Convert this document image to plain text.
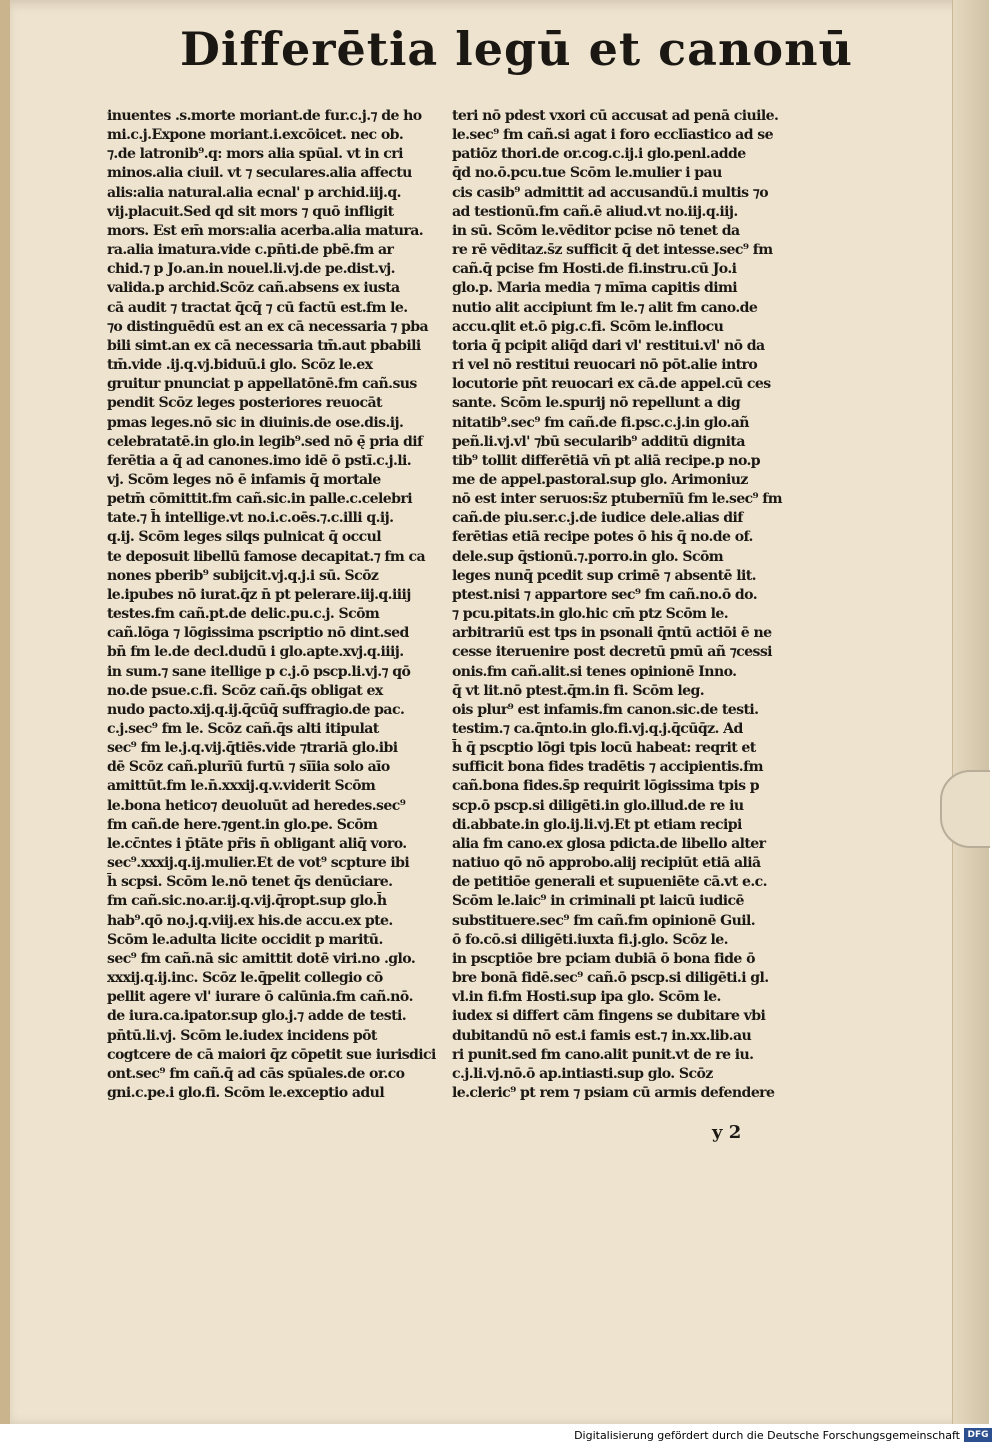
Differētia legū et canonū
inuentes .s.morte moriant.de fur.c.j.⁊ de ho
mi.c.j.Expone moriant.i.excōicet. nec ob.
⁊.de latronib⁹.q: mors alia spūal. vt in cri
minos.alia ciuil. vt ⁊ seculares.alia affectu
alis:alia natural.alia ecnal' p archid.iij.q.
vij.placuit.Sed qd sit mors ⁊ quō infligit
mors. Est em̄ mors:alia acerba.alia matura.
ra.alia imatura.vide c.pn̄ti.de pbē.fm ar
chid.⁊ p Jo.an.in nouel.li.vj.de pe.dist.vj.
valida.p archid.Scōz cañ.absens ex iusta
cā audit ⁊ tractat q̄cq̄ ⁊ cū factū est.fm le.
⁊o distinguēdū est an ex cā necessaria ⁊ pba
bili simt.an ex cā necessaria tm̄.aut pbabili
tm̄.vide .ij.q.vj.biduū.i glo. Scōz le.ex
gruitur pnunciat p appellatōnē.fm cañ.sus
pendit Scōz leges posteriores reuocāt
pmas leges.nō sic in diuinis.de ose.dis.ij.
celebratatē.in glo.in legib⁹.sed nō ę̄ pria dif
ferētia a q̄ ad canones.imo idē ō pstī.c.j.li.
vj. Scōm leges nō ē infamis q̄ mortale
petm̄ cōmittit.fm cañ.sic.in palle.c.celebri
tate.⁊ h̄ intellige.vt no.i.c.oēs.⁊.c.illi q.ij.
q.ij. Scōm leges silqs pulnicat q̄ occul
te deposuit libellū famose decapitat.⁊ fm ca
nones pberib⁹ subijcit.vj.q.j.i sū. Scōz
le.ipubes nō iurat.q̄z n̄ pt pelerare.iij.q.iiij
testes.fm cañ.pt.de delic.pu.c.j. Scōm
cañ.lōga ⁊ lōgissima pscriptio nō dint.sed
bn̄ fm le.de decl.dudū i glo.apte.xvj.q.iiij.
in sum.⁊ sane itellige p c.j.ō pscp.li.vj.⁊ qō
no.de psue.c.fi. Scōz cañ.q̄s obligat ex
nudo pacto.xij.q.ij.q̄cūq̄ suffragio.de pac.
c.j.sec⁹ fm le. Scōz cañ.q̄s alti itipulat
sec⁹ fm le.j.q.vij.q̄tiēs.vide ⁊trariā glo.ibi
dē Scōz cañ.plurīū furtū ⁊ sīīia solo aīo
amittūt.fm le.n̄.xxxij.q.v.viderit Scōm
le.bona hetico⁊ deuoluūt ad heredes.sec⁹
fm cañ.de here.⁊gent.in glo.pe. Scōm
le.cc̄ntes i p̄tāte pr̄is n̄ obligant aliq̄ voro.
sec⁹.xxxij.q.ij.mulier.Et de vot⁹ scpture ibi
h̄ scpsi. Scōm le.nō tenet q̄s denūciare.
fm cañ.sic.no.ar.ij.q.vij.q̄ropt.sup glo.h̄
hab⁹.qō no.j.q.viij.ex his.de accu.ex pte.
Scōm le.adulta licite occidit p maritū.
sec⁹ fm cañ.nā sic amittit dotē viri.no .glo.
xxxij.q.ij.inc. Scōz le.q̄pelit collegio cō
pellit agere vl' iurare ō calūnia.fm cañ.nō.
de iura.ca.ipator.sup glo.j.⁊ adde de testi.
pn̄tū.li.vj. Scōm le.iudex incidens pōt
cogtcere de cā maiori q̄z cōpetit sue iurisdici
ont.sec⁹ fm cañ.q̄ ad cās spūales.de or.co
gni.c.pe.i glo.fi. Scōm le.exceptio adul
teri nō pdest vxori cū accusat ad penā ciuile.
le.sec⁹ fm cañ.si agat i foro ecclīastico ad se
patiōz thori.de or.cog.c.ij.i glo.penl.adde
q̄d no.ō.pcu.tue Scōm le.mulier i pau
cis casib⁹ admittit ad accusandū.i multis ⁊o
ad testionū.fm cañ.ē aliud.vt no.iij.q.iij.
in sū. Scōm le.vēditor pcise nō tenet da
re rē vēditaz.s̄z sufficit q̄ det intesse.sec⁹ fm
cañ.q̄ pcise fm Hosti.de fi.instru.cū Jo.i
glo.p. Maria media ⁊ mīma capitis dimi
nutio alit accipiunt fm le.⁊ alit fm cano.de
accu.qlit et.ō pig.c.fi. Scōm le.inflocu
toria q̄ pcipit aliq̄d dari vl' restitui.vl' nō da
ri vel nō restitui reuocari nō pōt.alie intro
locutorie pn̄t reuocari ex cā.de appel.cū ces
sante. Scōm le.spurij nō repellunt a dig
nitatib⁹.sec⁹ fm cañ.de fi.psc.c.j.in glo.añ
peñ.li.vj.vl' ⁊bū secularib⁹ additū dignita
tib⁹ tollit differētiā vn̄ pt aliā recipe.p no.p
me de appel.pastoral.sup glo. Arimoniuz
nō est inter seruos:s̄z ptubernīū fm le.sec⁹ fm
cañ.de piu.ser.c.j.de iudice dele.alias dif
ferētias etiā recipe potes ō his q̄ no.de of.
dele.sup q̄stionū.⁊.porro.in glo. Scōm
leges nunq̄ pcedit sup crimē ⁊ absentē lit.
ptest.nisi ⁊ appartore sec⁹ fm cañ.no.ō do.
⁊ pcu.pitats.in glo.hic cm̄ ptz Scōm le.
arbitrariū est tps in psonali q̄ntū actiōi ē ne
cesse iteruenire post decretū pmū añ ⁊cessi
onis.fm cañ.alit.si tenes opinionē Inno.
q̄ vt lit.nō ptest.q̄m.in fi. Scōm leg.
ois plur⁹ est infamis.fm canon.sic.de testi.
testim.⁊ ca.q̄nto.in glo.fi.vj.q.j.q̄cūq̄z. Ad
h̄ q̄ pscptio lōgi tpis locū habeat: reqrit et
sufficit bona fides tradētis ⁊ accipientis.fm
cañ.bona fides.s̄p requirit lōgissima tpis p
scp.ō pscp.si diligēti.in glo.illud.de re iu
di.abbate.in glo.ij.li.vj.Et pt etiam recipi
alia fm cano.ex glosa pdicta.de libello alter
natiuo qō nō approbo.alij recipiūt etiā aliā
de petitiōe generali et supueniēte cā.vt e.c.
Scōm le.laic⁹ in criminali pt laicū iudicē
substituere.sec⁹ fm cañ.fm opinionē Guil.
ō fo.cō.si diligēti.iuxta fi.j.glo. Scōz le.
in pscptiōe bre pciam dubiā ō bona fide ō
bre bonā fidē.sec⁹ cañ.ō pscp.si diligēti.i gl.
vl.in fi.fm Hosti.sup ipa glo. Scōm le.
iudex si differt cām fingens se dubitare vbi
dubitandū nō est.i famis est.⁊ in.xx.lib.au
ri punit.sed fm cano.alit punit.vt de re iu.
c.j.li.vj.nō.ō ap.intiasti.sup glo. Scōz
le.cleric⁹ pt rem ⁊ psiam cū armis defendere
y 2
Digitalisierung gefördert durch die Deutsche Forschungsgemeinschaft DFG
